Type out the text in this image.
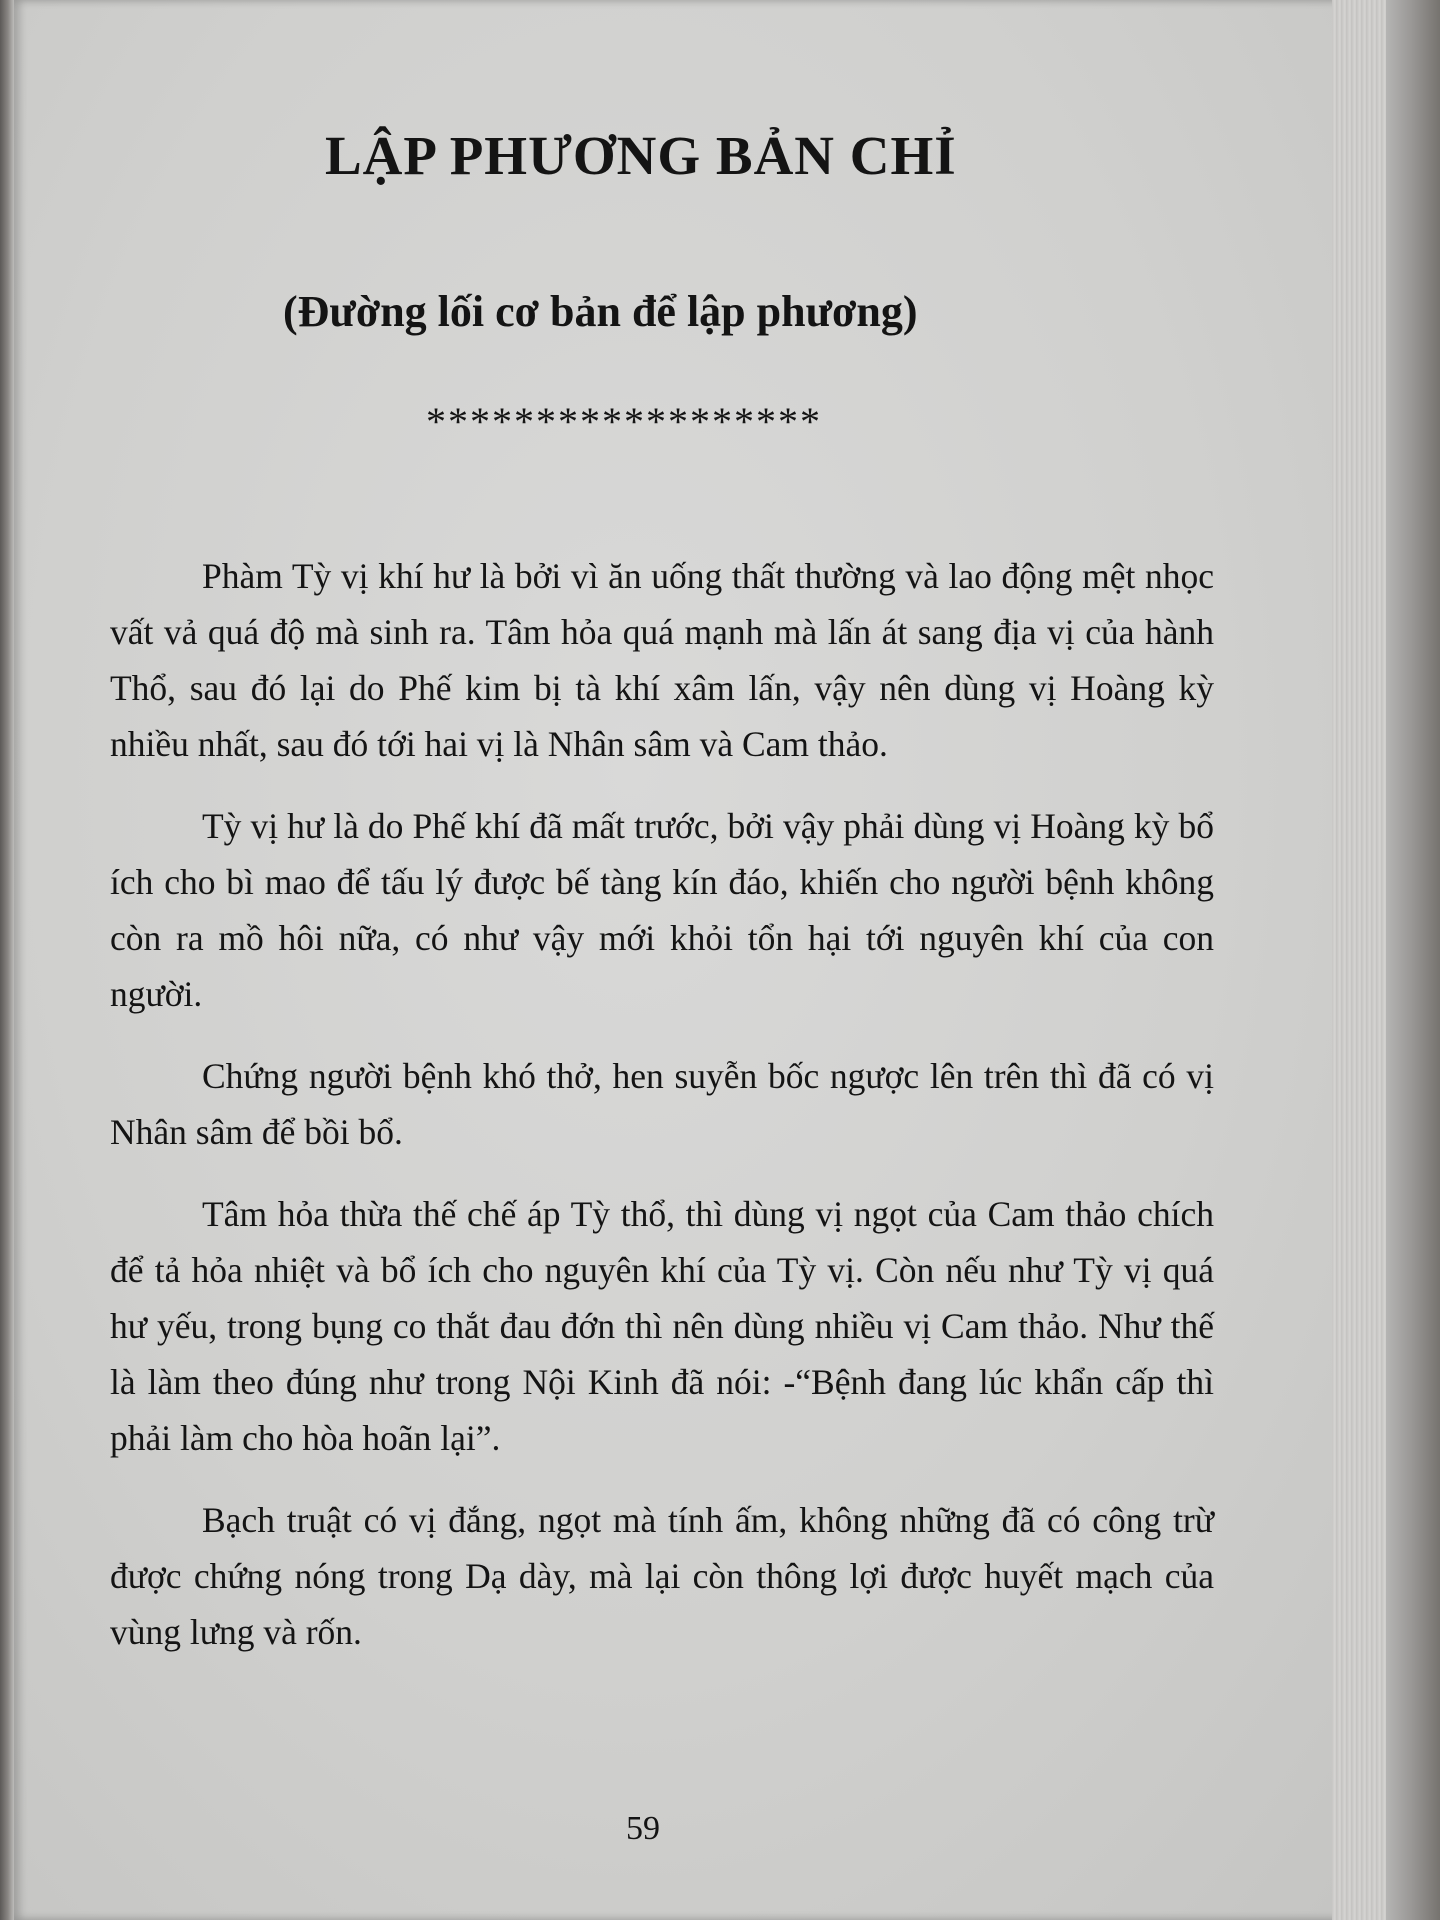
LẬP PHƯƠNG BẢN CHỈ
(Đường lối cơ bản để lập phương)

******************

Phàm Tỳ vị khí hư là bởi vì ăn uống thất thường và lao động mệt nhọc vất vả quá độ mà sinh ra. Tâm hỏa quá mạnh mà lấn át sang địa vị của hành Thổ, sau đó lại do Phế kim bị tà khí xâm lấn, vậy nên dùng vị Hoàng kỳ nhiều nhất, sau đó tới hai vị là Nhân sâm và Cam thảo.

Tỳ vị hư là do Phế khí đã mất trước, bởi vậy phải dùng vị Hoàng kỳ bổ ích cho bì mao để tấu lý được bế tàng kín đáo, khiến cho người bệnh không còn ra mồ hôi nữa, có như vậy mới khỏi tổn hại tới nguyên khí của con người.

Chứng người bệnh khó thở, hen suyễn bốc ngược lên trên thì đã có vị Nhân sâm để bồi bổ.

Tâm hỏa thừa thế chế áp Tỳ thổ, thì dùng vị ngọt của Cam thảo chích để tả hỏa nhiệt và bổ ích cho nguyên khí của Tỳ vị. Còn nếu như Tỳ vị quá hư yếu, trong bụng co thắt đau đớn thì nên dùng nhiều vị Cam thảo. Như thế là làm theo đúng như trong Nội Kinh đã nói: -“Bệnh đang lúc khẩn cấp thì phải làm cho hòa hoãn lại”.

Bạch truật có vị đắng, ngọt mà tính ấm, không những đã có công trừ được chứng nóng trong Dạ dày, mà lại còn thông lợi được huyết mạch của vùng lưng và rốn.

59
